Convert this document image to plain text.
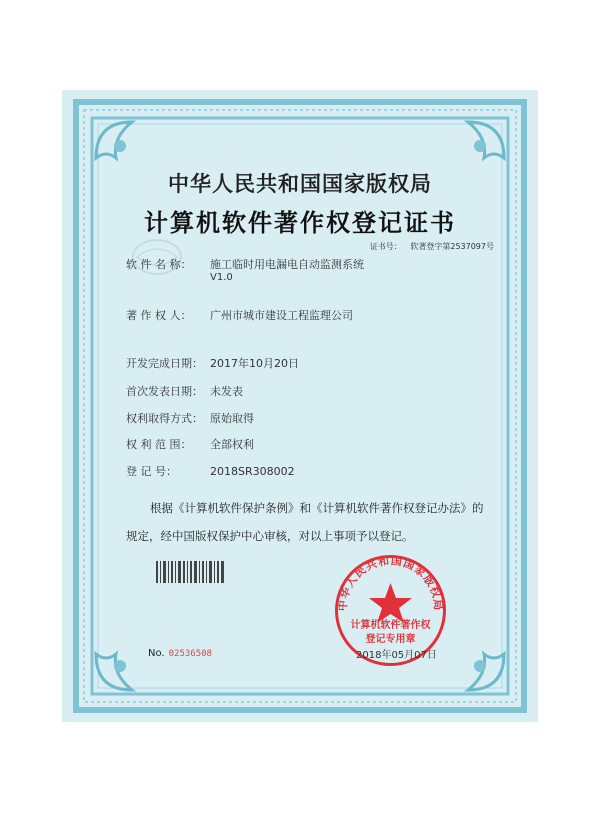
中华人民共和国国家版权局
计算机软件著作权登记证书
证书号： 软著登字第2537097号
软 件 名 称： 施工临时用电漏电自动监测系统
V1.0
著 作 权 人： 广州市城市建设工程监理公司
开发完成日期： 2017年10月20日
首次发表日期： 未发表
权利取得方式： 原始取得
权 利 范 围： 全部权利
登 记 号：	2018SR308002
根据《计算机软件保护条例》和《计算机软件著作权登记办法》的
规定，经中国版权保护中心审核，对以上事项予以登记。
No. 02536508
中华人民共和国国家版权局
计算机软件著作权
登记专用章
2018年05月07日
